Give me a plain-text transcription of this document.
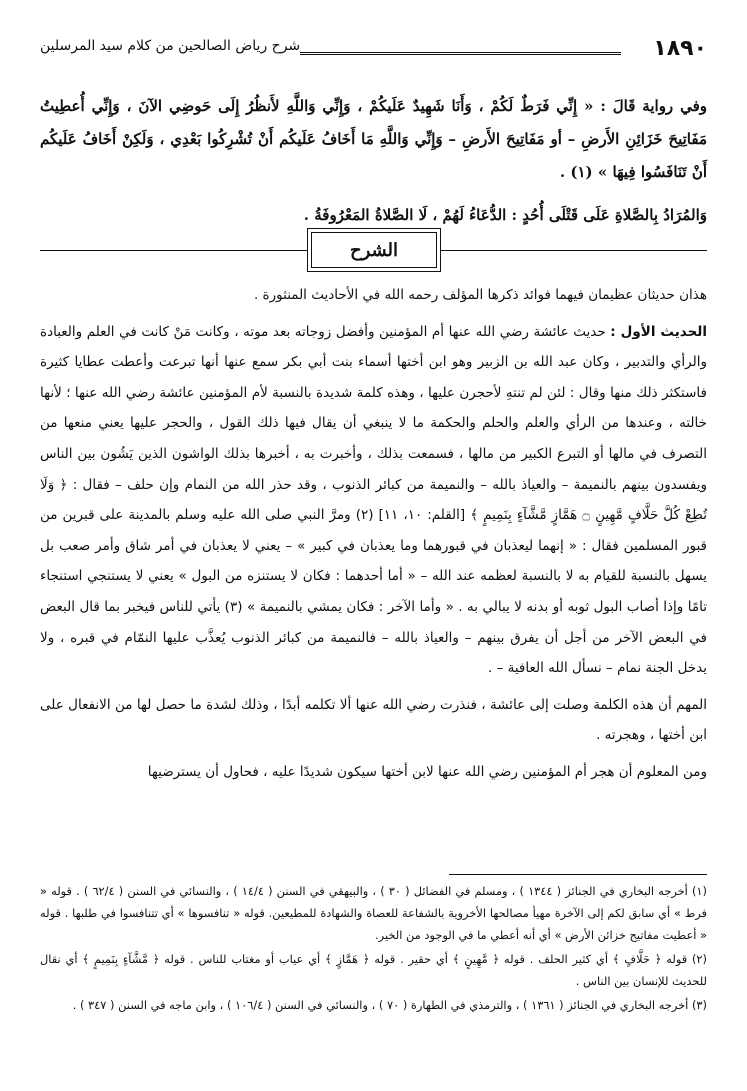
١٨٩٠
شرح رياض الصالحين من كلام سيد المرسلين

وفي رواية قَالَ : « إِنِّي فَرَطٌ لَكُمْ ، وَأَنَا شَهِيدٌ عَلَيكُمْ ، وَإِنِّي وَاللَّهِ لأَنظُرُ إِلَى حَوضِي الآنَ ، وَإِنِّي أُعطِيتُ مَفَاتِيحَ خَزَائِنِ الأَرضِ – أو مَفَاتِيحَ الأَرضِ – وَإِنِّي وَاللَّهِ مَا أَخَافُ عَلَيكُم أَنْ تُشْرِكُوا بَعْدِي ، وَلَكِنْ أَخَافُ عَلَيكُم أَنْ تَنَافَسُوا فِيهَا » (١) .

وَالمُرَادُ بِالصَّلاةِ عَلَى قَتْلَى أُحُدٍ : الدُّعَاءُ لَهُمْ ، لَا الصَّلاةُ المَعْرُوفَةُ .

الشرح

هذان حديثان عظيمان فيهما فوائد ذكرها المؤلف رحمه الله في الأحاديث المنثورة .

الحديث الأول : حديث عائشة رضي الله عنها أم المؤمنين وأفضل زوجاته بعد موته ، وكانت مَنْ كانت في العلم والعبادة والرأي والتدبير ، وكان عبد الله بن الزبير وهو ابن أختها أسماء بنت أبي بكر سمع عنها أنها تبرعت وأعطت عطايا كثيرة فاستكثر ذلك منها وقال : لئن لم تنتهِ لأحجرن عليها ، وهذه كلمة شديدة بالنسبة لأم المؤمنين عائشة رضي الله عنها ؛ لأنها خالته ، وعندها من الرأي والعلم والحلم والحكمة ما لا ينبغي أن يقال فيها ذلك القول ، والحجر عليها يعني منعها من التصرف في مالها أو التبرع الكبير من مالها ، فسمعت بذلك ، وأخبرت به ، أخبرها بذلك الواشون الذين يَشُون بين الناس ويفسدون بينهم بالنميمة – والعياذ بالله – والنميمة من كبائر الذنوب ، وقد حذر الله من النمام وإن حلف – فقال : ﴿ وَلَا تُطِعْ كُلَّ حَلَّافٍ مَّهِينٍ ۝ هَمَّازٍ مَّشَّآءٍ بِنَمِيمٍ ﴾ [القلم: ١٠، ١١] (٢) ومرَّ النبي صلى الله عليه وسلم بالمدينة على قبرين من قبور المسلمين فقال : « إنهما ليعذبان في قبورهما وما يعذبان في كبير » – يعني لا يعذبان في أمر شاق وأمر صعب بل يسهل بالنسبة للقيام به لا بالنسبة لعظمه عند الله – « أما أحدهما : فكان لا يستنزه من البول » يعني لا يستنجي استنجاء تامًا وإذا أصاب البول ثوبه أو بدنه لا يبالي به . « وأما الآخر : فكان يمشي بالنميمة » (٣) يأتي للناس فيخبر بما قال البعض في البعض الآخر من أجل أن يفرق بينهم – والعياذ بالله – فالنميمة من كبائر الذنوب يُعذَّب عليها النمّام في قبره ، ولا يدخل الجنة نمام – نسأل الله العافية – .

المهم أن هذه الكلمة وصلت إلى عائشة ، فنذرت رضي الله عنها ألا تكلمه أبدًا ، وذلك لشدة ما حصل لها من الانفعال على ابن أختها ، وهجرته .

ومن المعلوم أن هجر أم المؤمنين رضي الله عنها لابن أختها سيكون شديدًا عليه ، فحاول أن يسترضيها

(١) أخرجه البخاري في الجنائز ( ١٣٤٤ ) ، ومسلم في الفضائل ( ٣٠ ) ، والبيهقي في السنن ( ١٤/٤ ) ، والنسائي في السنن ( ٦٢/٤ ) . قوله « فرط » أي سابق لكم إلى الآخرة مهيأ مصالحها الأخروية بالشفاعة للعصاة والشهادة للمطيعين. قوله « تنافسوها » أي تتنافسوا في طلبها . قوله « أعطيت مفاتيح خزائن الأرض » أي أنه أعطي ما في الوجود من الخير.

(٢) قوله ﴿ حَلَّافٍ ﴾ أي كثير الحلف . قوله ﴿ مَّهِينٍ ﴾ أي حقير . قوله ﴿ هَمَّازٍ ﴾ أي عياب أو مغتاب للناس . قوله ﴿ مَّشَّآءٍ بِنَمِيمٍ ﴾ أي نقال للحديث للإنسان بين الناس .

(٣) أخرجه البخاري في الجنائز ( ١٣٦١ ) ، والترمذي في الطهارة ( ٧٠ ) ، والنسائي في السنن ( ١٠٦/٤ ) ، وابن ماجه في السنن ( ٣٤٧ ) .
